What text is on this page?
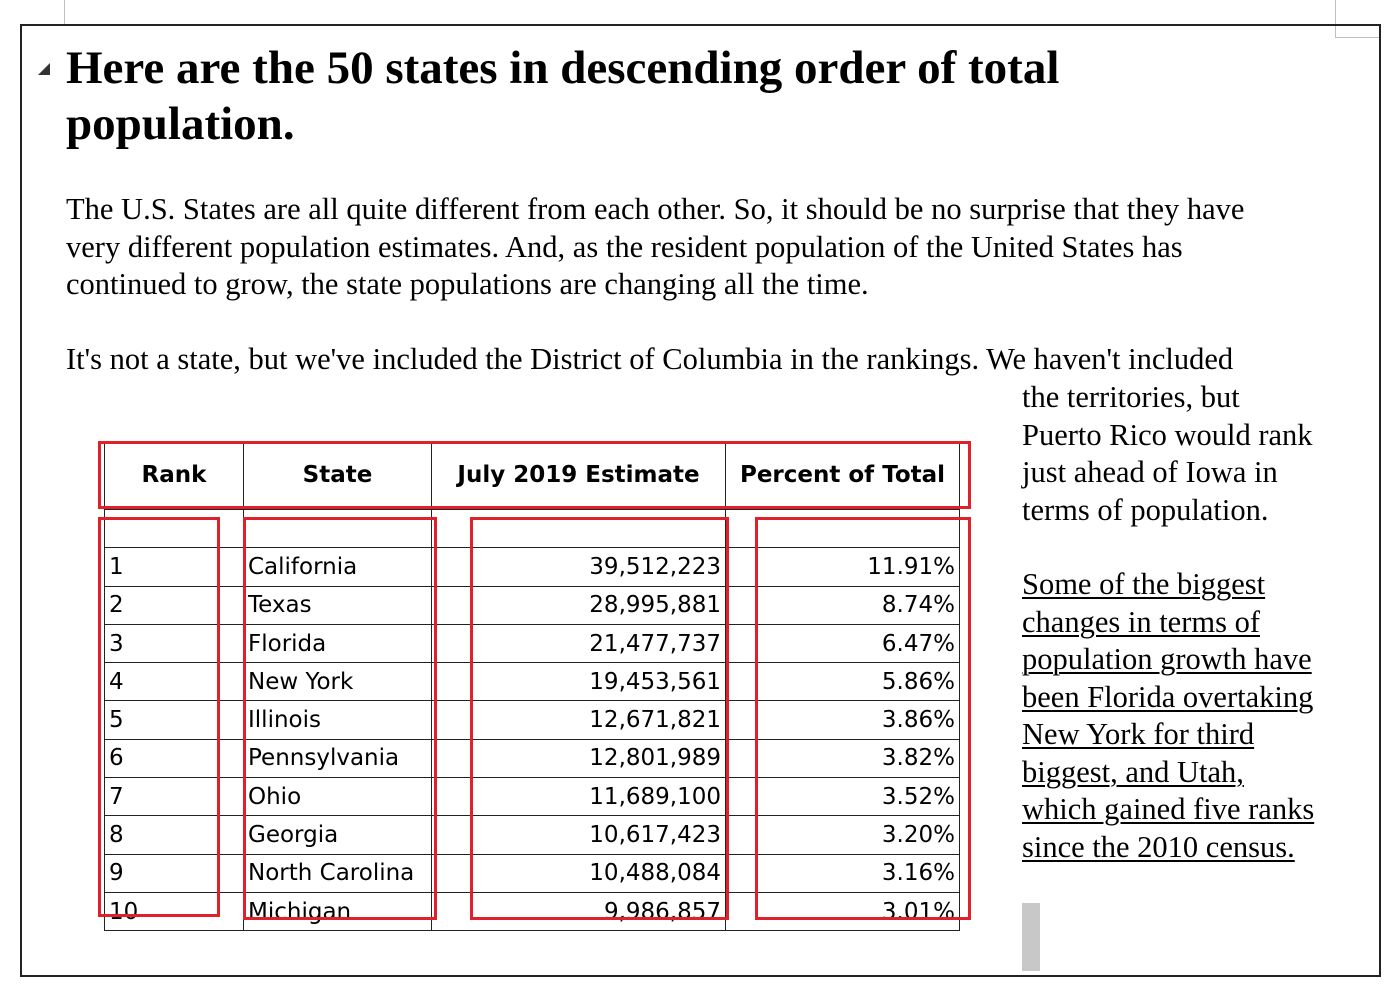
Here are the 50 states in descending order of total
population.
The U.S. States are all quite different from each other. So, it should be no surprise that they have
very different population estimates. And, as the resident population of the United States has
continued to grow, the state populations are changing all the time.
It's not a state, but we've included the District of Columbia in the rankings. We haven't included
the territories, but
Puerto Rico would rank
just ahead of Iowa in
terms of population.
Some of the biggest
changes in terms of
population growth have
been Florida overtaking
New York for third
biggest, and Utah,
which gained five ranks
since the 2010 census.
Rank	State	July 2019 Estimate	Percent of Total

1	California	39,512,223	11.91%
2	Texas	28,995,881	8.74%
3	Florida	21,477,737	6.47%
4	New York	19,453,561	5.86%
5	Illinois	12,671,821	3.86%
6	Pennsylvania	12,801,989	3.82%
7	Ohio	11,689,100	3.52%
8	Georgia	10,617,423	3.20%
9	North Carolina	10,488,084	3.16%
10	Michigan	9,986,857	3.01%
